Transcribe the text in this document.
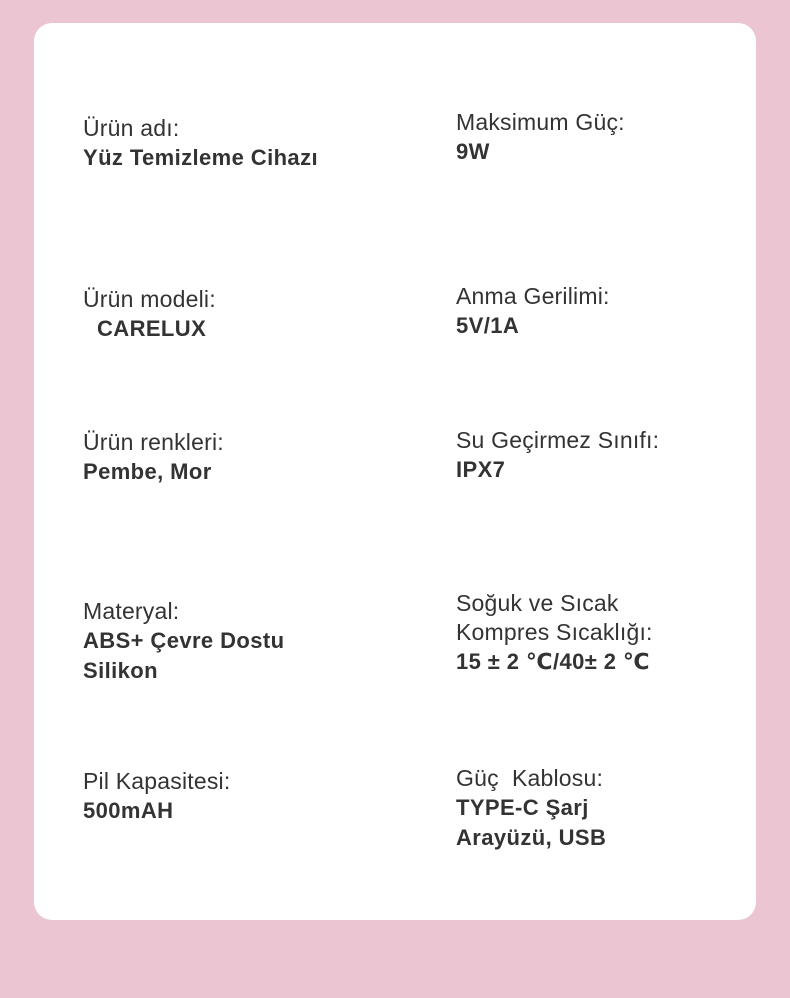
Ürün adı:
Yüz Temizleme Cihazı
Ürün modeli:
CARELUX
Ürün renkleri:
Pembe, Mor
Materyal:
ABS+ Çevre Dostu
Silikon
Pil Kapasitesi:
500mAH
Maksimum Güç:
9W
Anma Gerilimi:
5V/1A
Su Geçirmez Sınıfı:
IPX7
Soğuk ve Sıcak
Kompres Sıcaklığı:
15 ± 2 ℃/40± 2 ℃
Güç  Kablosu:
TYPE-C Şarj
Arayüzü, USB
